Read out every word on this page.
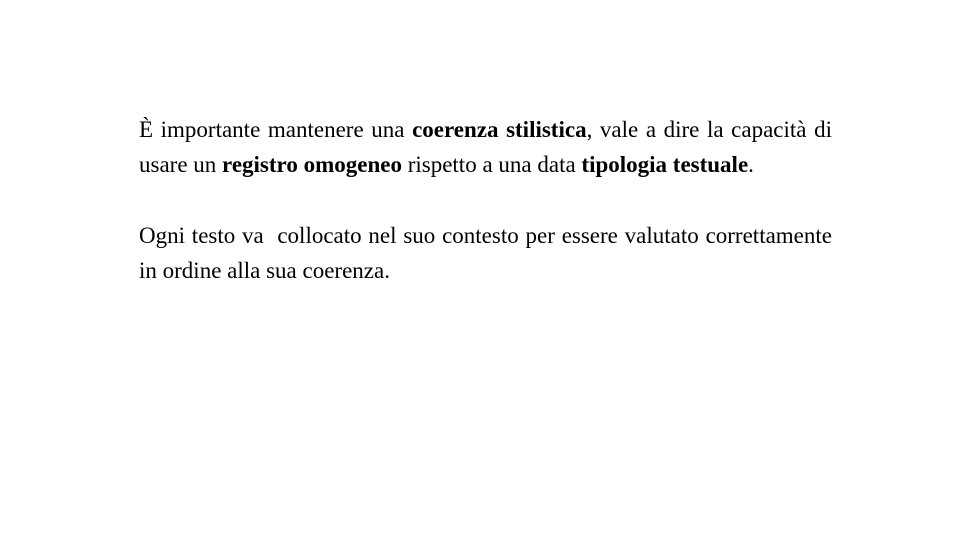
È importante mantenere una coerenza stilistica, vale a dire la capacità di usare un registro omogeneo rispetto a una data tipologia testuale.

Ogni testo va  collocato nel suo contesto per essere valutato correttamente in ordine alla sua coerenza.
